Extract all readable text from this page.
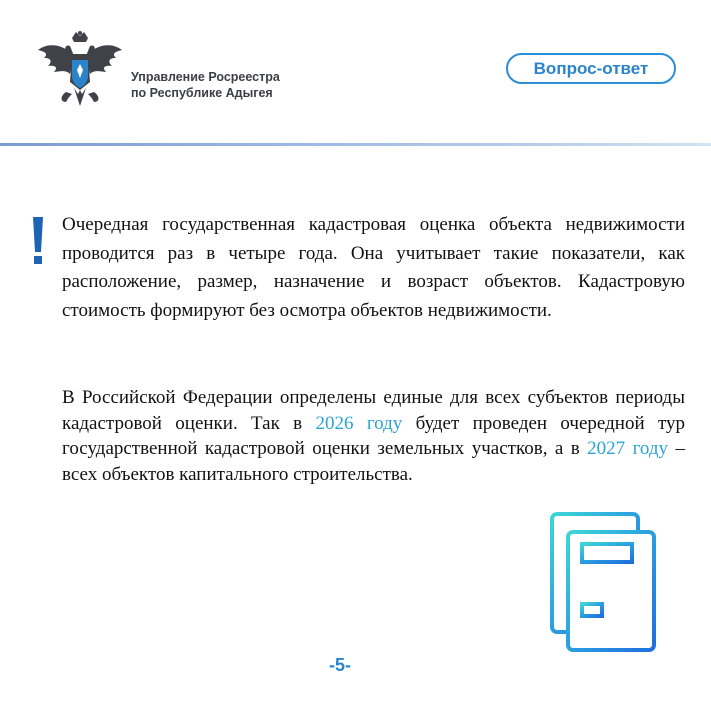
Управление Росреестра
по Республике Адыгея
Вопрос-ответ

Очередная государственная кадастровая оценка объекта недвижимости проводится раз в четыре года. Она учитывает такие показатели, как расположение, размер, назначение и возраст объектов. Кадастровую стоимость формируют без осмотра объектов недвижимости.

В Российской Федерации определены единые для всех субъектов периоды кадастровой оценки. Так в 2026 году будет проведен очередной тур государственной кадастровой оценки земельных участков, а в 2027 году – всех объектов капитального строительства.

-5-
